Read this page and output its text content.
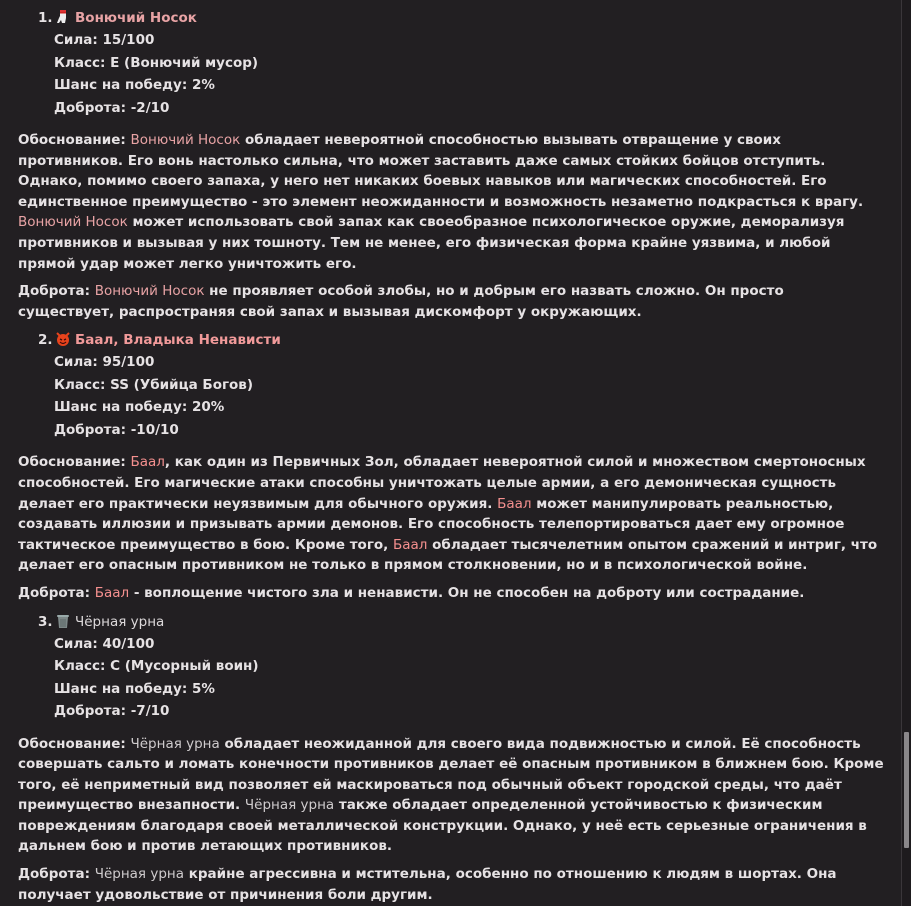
1. Вонючий Носок
Сила: 15/100
Класс: E (Вонючий мусор)
Шанс на победу: 2%
Доброта: -2/10
Обоснование: Вонючий Носок обладает невероятной способностью вызывать отвращение у своих противников. Его вонь настолько сильна, что может заставить даже самых стойких бойцов отступить. Однако, помимо своего запаха, у него нет никаких боевых навыков или магических способностей. Его единственное преимущество - это элемент неожиданности и возможность незаметно подкрасться к врагу. Вонючий Носок может использовать свой запах как своеобразное психологическое оружие, деморализуя противников и вызывая у них тошноту. Тем не менее, его физическая форма крайне уязвима, и любой прямой удар может легко уничтожить его.
Доброта: Вонючий Носок не проявляет особой злобы, но и добрым его назвать сложно. Он просто существует, распространяя свой запах и вызывая дискомфорт у окружающих.
2. Баал, Владыка Ненависти
Сила: 95/100
Класс: SS (Убийца Богов)
Шанс на победу: 20%
Доброта: -10/10
Обоснование: Баал, как один из Первичных Зол, обладает невероятной силой и множеством смертоносных способностей. Его магические атаки способны уничтожать целые армии, а его демоническая сущность делает его практически неуязвимым для обычного оружия. Баал может манипулировать реальностью, создавать иллюзии и призывать армии демонов. Его способность телепортироваться дает ему огромное тактическое преимущество в бою. Кроме того, Баал обладает тысячелетним опытом сражений и интриг, что делает его опасным противником не только в прямом столкновении, но и в психологической войне.
Доброта: Баал - воплощение чистого зла и ненависти. Он не способен на доброту или сострадание.
3. Чёрная урна
Сила: 40/100
Класс: C (Мусорный воин)
Шанс на победу: 5%
Доброта: -7/10
Обоснование: Чёрная урна обладает неожиданной для своего вида подвижностью и силой. Её способность совершать сальто и ломать конечности противников делает её опасным противником в ближнем бою. Кроме того, её неприметный вид позволяет ей маскироваться под обычный объект городской среды, что даёт преимущество внезапности. Чёрная урна также обладает определенной устойчивостью к физическим повреждениям благодаря своей металлической конструкции. Однако, у неё есть серьезные ограничения в дальнем бою и против летающих противников.
Доброта: Чёрная урна крайне агрессивна и мстительна, особенно по отношению к людям в шортах. Она получает удовольствие от причинения боли другим.
